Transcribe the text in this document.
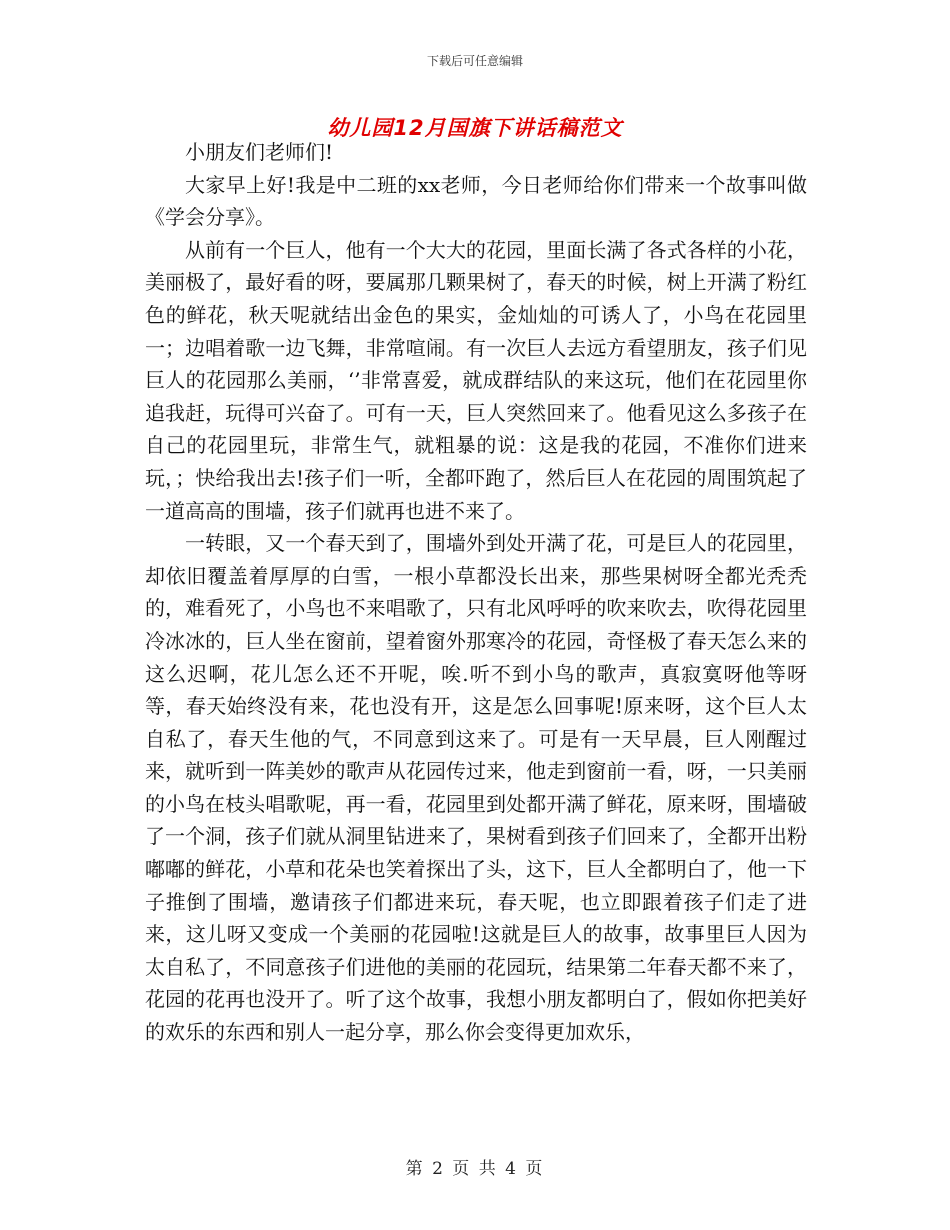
下载后可任意编辑
幼儿园12月国旗下讲话稿范文

小朋友们老师们!

大家早上好!我是中二班的xx老师，今日老师给你们带来一个故事叫做《学会分享》。

从前有一个巨人，他有一个大大的花园，里面长满了各式各样的小花，美丽极了，最好看的呀，要属那几颗果树了，春天的时候，树上开满了粉红色的鲜花，秋天呢就结出金色的果实，金灿灿的可诱人了，小鸟在花园里一；边唱着歌一边飞舞，非常喧闹。有一次巨人去远方看望朋友，孩子们见巨人的花园那么美丽，‘’非常喜爱，就成群结队的来这玩，他们在花园里你追我赶，玩得可兴奋了。可有一天，巨人突然回来了。他看见这么多孩子在自己的花园里玩，非常生气，就粗暴的说：这是我的花园，不准你们进来玩，；快给我出去!孩子们一听，全都吓跑了，然后巨人在花园的周围筑起了一道高高的围墙，孩子们就再也进不来了。

一转眼，又一个春天到了，围墙外到处开满了花，可是巨人的花园里，却依旧覆盖着厚厚的白雪，一根小草都没长出来，那些果树呀全都光秃秃的，难看死了，小鸟也不来唱歌了，只有北风呼呼的吹来吹去，吹得花园里冷冰冰的，巨人坐在窗前，望着窗外那寒冷的花园，奇怪极了春天怎么来的这么迟啊，花儿怎么还不开呢，唉.听不到小鸟的歌声，真寂寞呀他等呀等，春天始终没有来，花也没有开，这是怎么回事呢!原来呀，这个巨人太自私了，春天生他的气，不同意到这来了。可是有一天早晨，巨人刚醒过来，就听到一阵美妙的歌声从花园传过来，他走到窗前一看，呀，一只美丽的小鸟在枝头唱歌呢，再一看，花园里到处都开满了鲜花，原来呀，围墙破了一个洞，孩子们就从洞里钻进来了，果树看到孩子们回来了，全都开出粉嘟嘟的鲜花，小草和花朵也笑着探出了头，这下，巨人全都明白了，他一下子推倒了围墙，邀请孩子们都进来玩，春天呢，也立即跟着孩子们走了进来，这儿呀又变成一个美丽的花园啦!这就是巨人的故事，故事里巨人因为太自私了，不同意孩子们进他的美丽的花园玩，结果第二年春天都不来了，花园的花再也没开了。听了这个故事，我想小朋友都明白了，假如你把美好的欢乐的东西和别人一起分享，那么你会变得更加欢乐，

第 2 页 共 4 页
